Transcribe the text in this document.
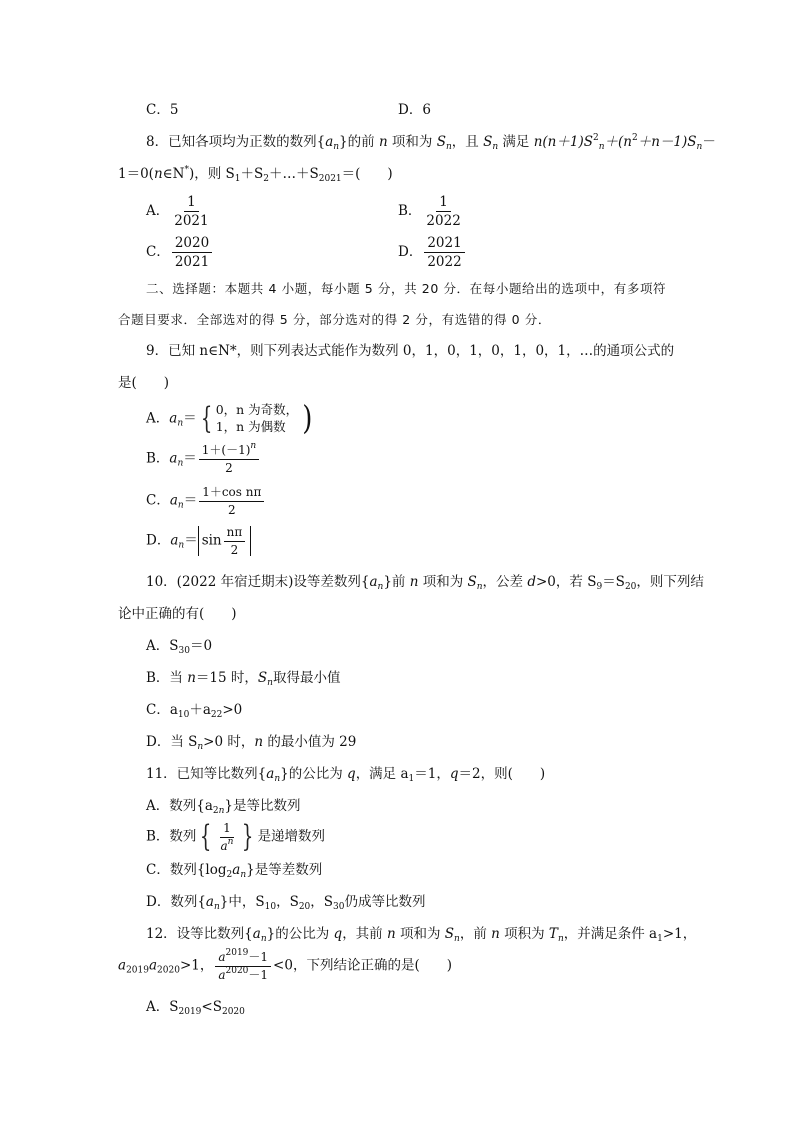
C．5	D．6
8．已知各项均为正数的数列$\{a_n\}$的前 n 项和为 $S_n$，且 $S_n$ 满足 $n(n+1)S^2_n+(n^2+n-1)S_n-$
1＝0(n∈N*)，则 $S_1+S_2+\dots+S_{2021}=$(　　)
A． $\frac{1}{2021}$	B． $\frac{1}{2022}$
C． $\frac{2020}{2021}$	D． $\frac{2021}{2022}$
二、选择题：本题共 4 小题，每小题 5 分，共 20 分．在每小题给出的选项中，有多项符
合题目要求．全部选对的得 5 分，部分选对的得 2 分，有选错的得 0 分．
9．已知 n∈N*，则下列表达式能作为数列 0，1，0，1，0，1，0，1，…的通项公式的
是(　　)
A．$a_n=$ { 0，n 为奇数，
1，n 为偶数 )
B．$a_n= \frac{1+(-1)^n}{2}$
C．$a_n= \frac{\text{1＋cos nπ}}{2}$
D．$a_n= \sin \frac{n\pi}{2}$
10．(2022 年宿迁期末)设等差数列$\{a_n\}$前 n 项和为 $S_n$，公差 d>0，若 $S_9=S_{20}$，则下列结
论中正确的有(　　)
A．$S_{30}=0$
B．当 n＝15 时，$S_n$取得最小值
C．$a_{10}+a_{22}>0$
D．当 $S_n>0$ 时，n 的最小值为 29
11．已知等比数列$\{a_n\}$的公比为 q，满足 $a_1=1$，q＝2，则(　　)
A．数列$\{a_{2n}\}$是等比数列
B．数列 { $\frac{1}{a^n}$ } 是递增数列
C．数列$\{\log_2a_n\}$是等差数列
D．数列$\{a_n\}$中，$S_{10}$，$S_{20}$，$S_{30}$仍成等比数列
12．设等比数列$\{a_n\}$的公比为 q，其前 n 项和为 $S_n$，前 n 项积为 $T_n$，并满足条件 $a_1>1$，
$a_{2019}a_{2020}>1$， $\frac{a^{2019}-1}{a^{2020}-1} <0$，下列结论正确的是(　　)
A．$S_{2019}<S_{2020}$
